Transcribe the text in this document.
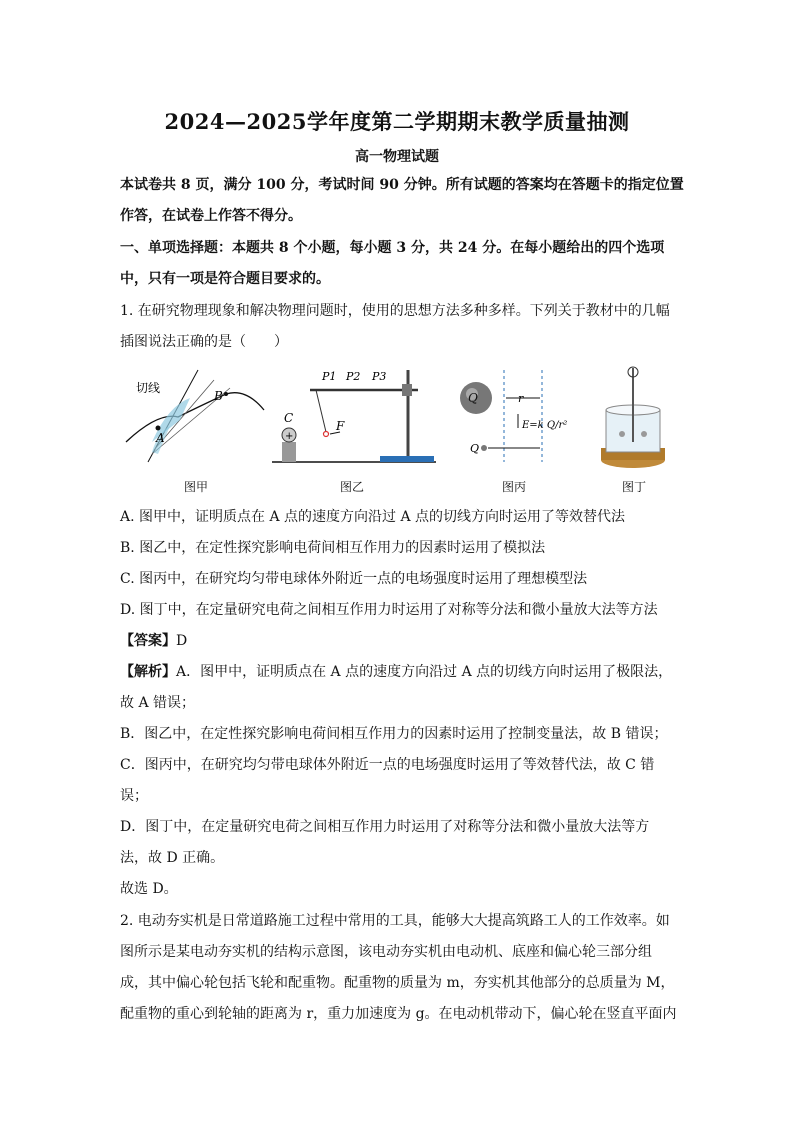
2024—2025学年度第二学期期末教学质量抽测
高一物理试题
本试卷共 8 页，满分 100 分，考试时间 90 分钟。所有试题的答案均在答题卡的指定位置
作答，在试卷上作答不得分。
一、单项选择题：本题共 8 个小题，每小题 3 分，共 24 分。在每小题给出的四个选项
中，只有一项是符合题目要求的。
1. 在研究物理现象和解决物理问题时，使用的思想方法多种多样。下列关于教材中的几幅
插图说法正确的是（　　）
切线
A
B
图甲
+
P1 P2 P3
C
F
图乙
Q	r
E=k Q/r²
Q
图丙	图丁
A. 图甲中，证明质点在 A 点的速度方向沿过 A 点的切线方向时运用了等效替代法
B. 图乙中，在定性探究影响电荷间相互作用力的因素时运用了模拟法
C. 图丙中，在研究均匀带电球体外附近一点的电场强度时运用了理想模型法
D. 图丁中，在定量研究电荷之间相互作用力时运用了对称等分法和微小量放大法等方法
【答案】D
【解析】A．图甲中，证明质点在 A 点的速度方向沿过 A 点的切线方向时运用了极限法，
故 A 错误；
B．图乙中，在定性探究影响电荷间相互作用力的因素时运用了控制变量法，故 B 错误；
C．图丙中，在研究均匀带电球体外附近一点的电场强度时运用了等效替代法，故 C 错
误；
D．图丁中，在定量研究电荷之间相互作用力时运用了对称等分法和微小量放大法等方
法，故 D 正确。
故选 D。
2. 电动夯实机是日常道路施工过程中常用的工具，能够大大提高筑路工人的工作效率。如
图所示是某电动夯实机的结构示意图，该电动夯实机由电动机、底座和偏心轮三部分组
成，其中偏心轮包括飞轮和配重物。配重物的质量为 m，夯实机其他部分的总质量为 M，
配重物的重心到轮轴的距离为 r，重力加速度为 g。在电动机带动下，偏心轮在竖直平面内
